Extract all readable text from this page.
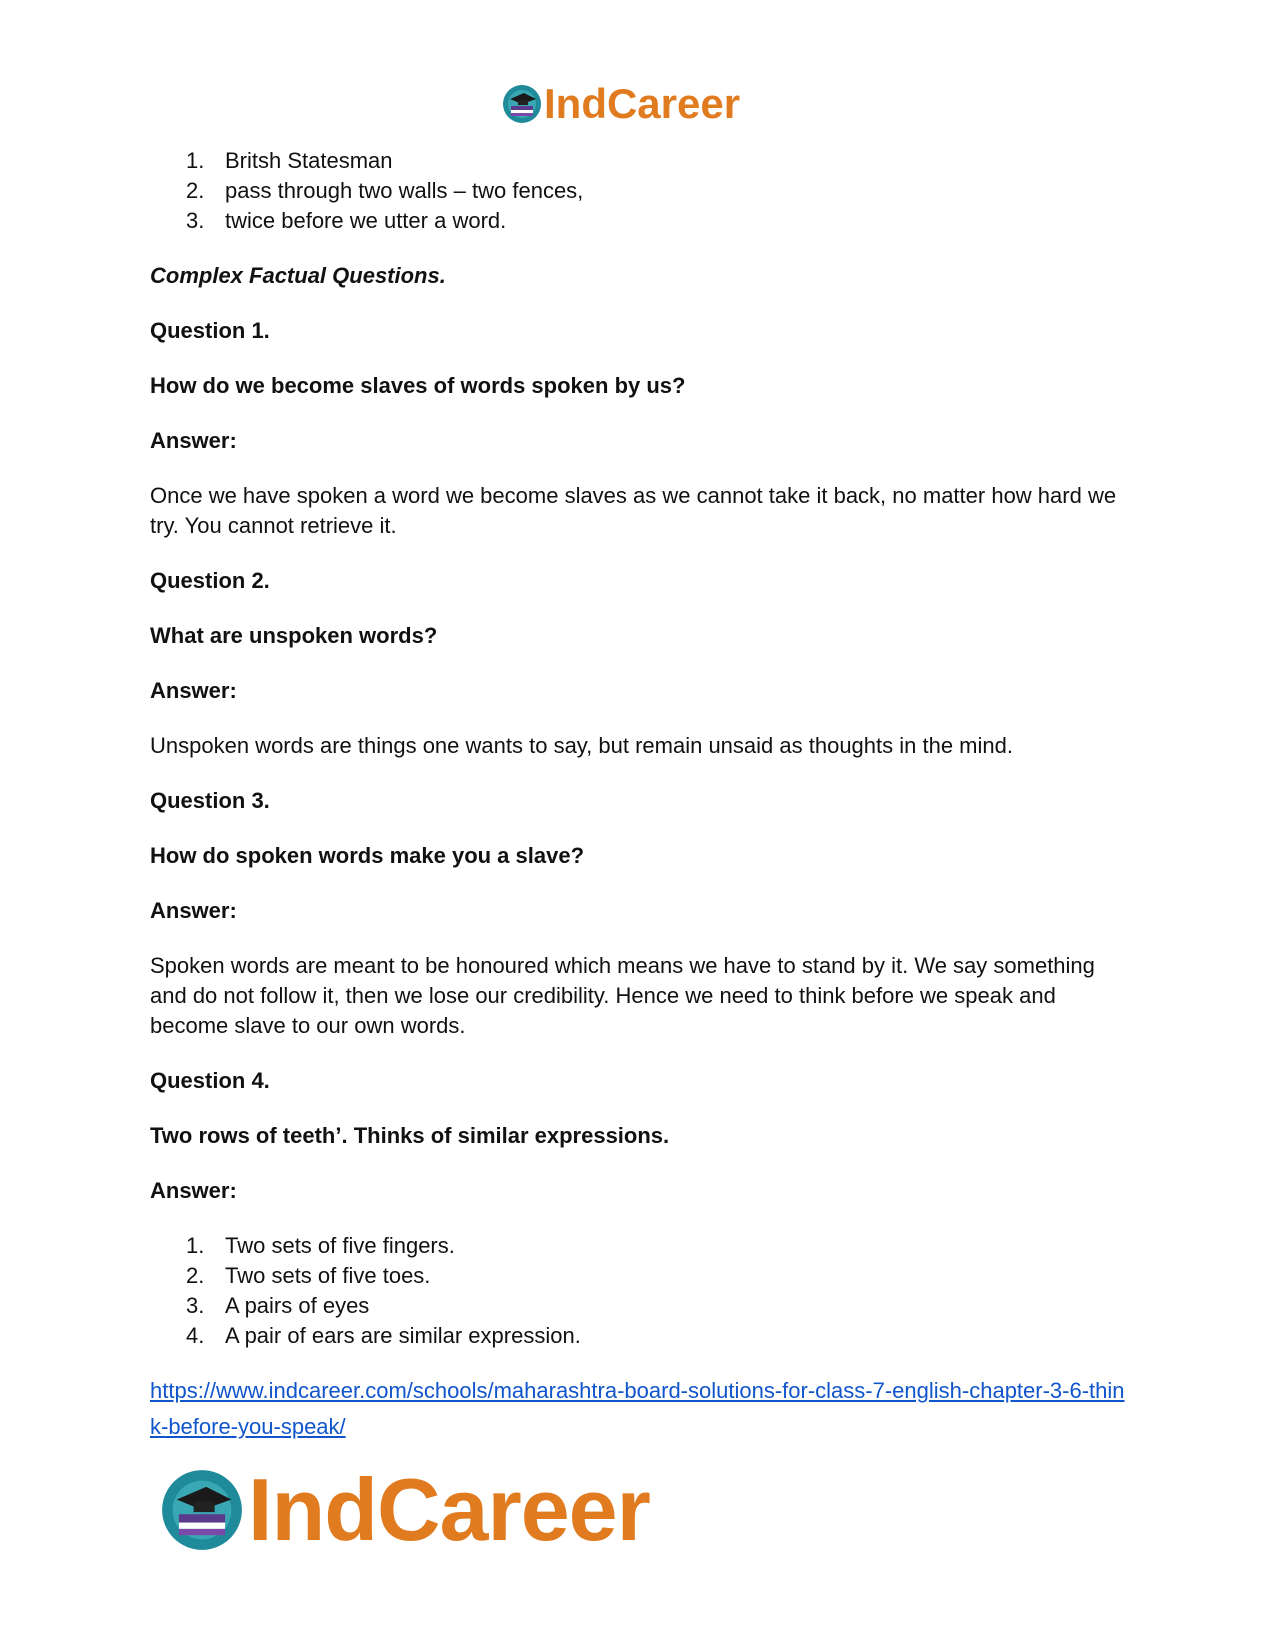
IndCareer
1. Britsh Statesman
2. pass through two walls – two fences,
3. twice before we utter a word.

Complex Factual Questions.

Question 1.

How do we become slaves of words spoken by us?

Answer:

Once we have spoken a word we become slaves as we cannot take it back, no matter how hard we try. You cannot retrieve it.

Question 2.

What are unspoken words?

Answer:

Unspoken words are things one wants to say, but remain unsaid as thoughts in the mind.

Question 3.

How do spoken words make you a slave?

Answer:

Spoken words are meant to be honoured which means we have to stand by it. We say something and do not follow it, then we lose our credibility. Hence we need to think before we speak and become slave to our own words.

Question 4.

Two rows of teeth’. Thinks of similar expressions.

Answer:

1. Two sets of five fingers.
2. Two sets of five toes.
3. A pairs of eyes
4. A pair of ears are similar expression.
https://www.indcareer.com/schools/maharashtra-board-solutions-for-class-7-english-chapter-3-6-think-before-you-speak/
IndCareer
